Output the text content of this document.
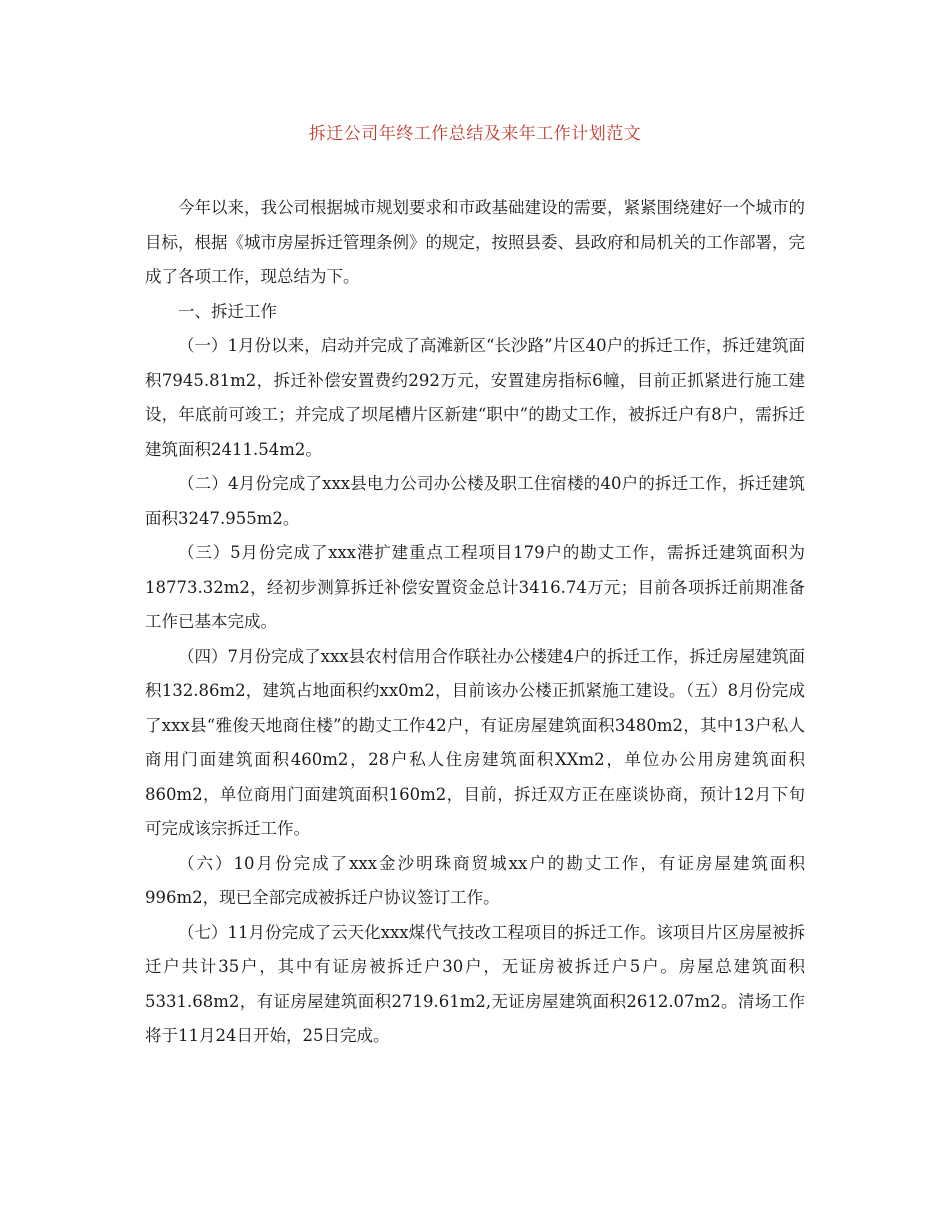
拆迁公司年终工作总结及来年工作计划范文

今年以来，我公司根据城市规划要求和市政基础建设的需要，紧紧围绕建好一个城市的目标，根据《城市房屋拆迁管理条例》的规定，按照县委、县政府和局机关的工作部署，完成了各项工作，现总结为下。

一、拆迁工作

（一）1月份以来，启动并完成了高滩新区“长沙路”片区40户的拆迁工作，拆迁建筑面积7945.81m2，拆迁补偿安置费约292万元，安置建房指标6幢，目前正抓紧进行施工建设，年底前可竣工；并完成了坝尾槽片区新建“职中”的勘丈工作，被拆迁户有8户，需拆迁建筑面积2411.54m2。

（二）4月份完成了xxx县电力公司办公楼及职工住宿楼的40户的拆迁工作，拆迁建筑面积3247.955m2。

（三）5月份完成了xxx港扩建重点工程项目179户的勘丈工作，需拆迁建筑面积为18773.32m2，经初步测算拆迁补偿安置资金总计3416.74万元；目前各项拆迁前期准备工作已基本完成。

（四）7月份完成了xxx县农村信用合作联社办公楼建4户的拆迁工作，拆迁房屋建筑面积132.86m2，建筑占地面积约xx0m2，目前该办公楼正抓紧施工建设。（五）8月份完成了xxx县“雅俊天地商住楼”的勘丈工作42户，有证房屋建筑面积3480m2，其中13户私人商用门面建筑面积460m2，28户私人住房建筑面积XXm2，单位办公用房建筑面积860m2，单位商用门面建筑面积160m2，目前，拆迁双方正在座谈协商，预计12月下旬可完成该宗拆迁工作。

（六）10月份完成了xxx金沙明珠商贸城xx户的勘丈工作，有证房屋建筑面积996m2，现已全部完成被拆迁户协议签订工作。

（七）11月份完成了云天化xxx煤代气技改工程项目的拆迁工作。该项目片区房屋被拆迁户共计35户，其中有证房被拆迁户30户，无证房被拆迁户5户。房屋总建筑面积5331.68m2，有证房屋建筑面积2719.61m2,无证房屋建筑面积2612.07m2。清场工作将于11月24日开始，25日完成。
